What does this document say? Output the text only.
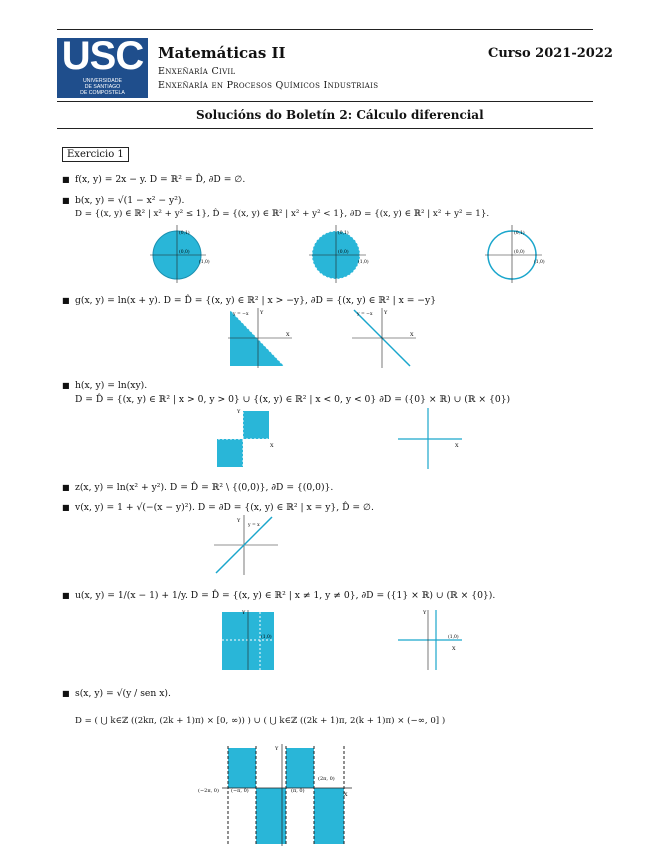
USC
UNIVERSIDADE
DE SANTIAGO
DE COMPOSTELA
Matemáticas II	Curso 2021-2022
Enxeñaría Civil
Enxeñaría en Procesos Químicos Industriais
Solucións do Boletín 2: Cálculo diferencial
Exercicio 1
■ f(x, y) = 2x − y. D = ℝ² = D̂, ∂D = ∅.
■ b(x, y) = √(1 − x² − y²).
D = {(x, y) ∈ ℝ² | x² + y² ≤ 1}, D̂ = {(x, y) ∈ ℝ² | x² + y² < 1}, ∂D = {(x, y) ∈ ℝ² | x² + y² = 1}.
(0,1)
(0,0)
(1,0)
(0,1)
(0,0)
(1,0)
(0,1)
(0,0)
(1,0)
■ g(x, y) = ln(x + y). D = D̂ = {(x, y) ∈ ℝ² | x > −y}, ∂D = {(x, y) ∈ ℝ² | x = −y}
y = −x Y
X
y = −x Y
X
■ h(x, y) = ln(xy).
D = D̂ = {(x, y) ∈ ℝ² | x > 0, y > 0} ∪ {(x, y) ∈ ℝ² | x < 0, y < 0} ∂D = ({0} × ℝ) ∪ (ℝ × {0})
Y
X	X
■ z(x, y) = ln(x² + y²). D = D̂ = ℝ² \ {(0,0)}, ∂D = {(0,0)}.
■ v(x, y) = 1 + √(−(x − y)²). D = ∂D = {(x, y) ∈ ℝ² | x = y}, D̂ = ∅.
Y
y = x
■ u(x, y) = 1/(x − 1) + 1/y. D = D̂ = {(x, y) ∈ ℝ² | x ≠ 1, y ≠ 0}, ∂D = ({1} × ℝ) ∪ (ℝ × {0}).
Y
(1,0)
Y
(1,0)
X
■ s(x, y) = √(y / sen x).
D = ( ⋃ k∈ℤ ((2kπ, (2k + 1)π) × [0, ∞)) ) ∪ ( ⋃ k∈ℤ ((2k + 1)π, 2(k + 1)π) × (−∞, 0] )
Y
X
(−2π, 0) (−π, 0)	(π, 0)
(2π, 0)
